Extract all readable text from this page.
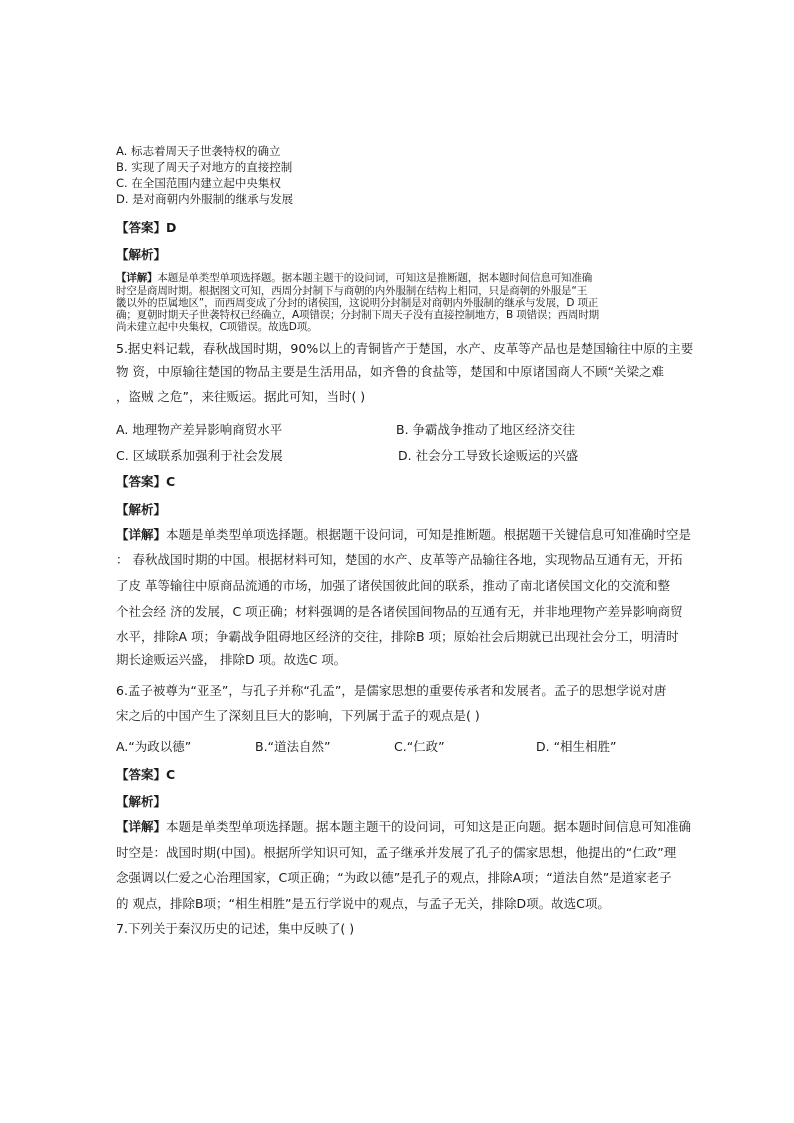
A. 标志着周天子世袭特权的确立
B. 实现了周天子对地方的直接控制
C. 在全国范围内建立起中央集权
D. 是对商朝内外服制的继承与发展
【答案】D
【解析】
【详解】本题是单类型单项选择题。据本题主题干的设问词，可知这是推断题，据本题时间信息可知准确
时空是商周时期。根据图文可知，西周分封制下与商朝的内外服制在结构上相同，只是商朝的外服是“王
畿以外的臣属地区”，而西周变成了分封的诸侯国，这说明分封制是对商朝内外服制的继承与发展，D 项正
确；夏朝时期天子世袭特权已经确立，A项错误；分封制下周天子没有直接控制地方，B 项错误；西周时期
尚未建立起中央集权，C项错误。故选D项。
5.据史料记载，春秋战国时期，90%以上的青铜皆产于楚国，水产、皮革等产品也是楚国输往中原的主要
物 资，中原输往楚国的物品主要是生活用品，如齐鲁的食盐等，楚国和中原诸国商人不顾“关梁之难
，盗贼 之危”，来往贩运。据此可知，当时( )
A. 地理物产差异影响商贸水平	B. 争霸战争推动了地区经济交往
C. 区域联系加强利于社会发展	D. 社会分工导致长途贩运的兴盛
【答案】C
【解析】
【详解】本题是单类型单项选择题。根据题干设问词，可知是推断题。根据题干关键信息可知准确时空是
： 春秋战国时期的中国。根据材料可知，楚国的水产、皮革等产品输往各地，实现物品互通有无，开拓
了皮 革等输往中原商品流通的市场，加强了诸侯国彼此间的联系，推动了南北诸侯国文化的交流和整
个社会经 济的发展，C 项正确；材料强调的是各诸侯国间物品的互通有无，并非地理物产差异影响商贸
水平，排除A 项；争霸战争阻碍地区经济的交往，排除B 项；原始社会后期就已出现社会分工，明清时
期长途贩运兴盛， 排除D 项。故选C 项。
6.孟子被尊为“亚圣”，与孔子并称“孔孟”，是儒家思想的重要传承者和发展者。孟子的思想学说对唐
宋之后的中国产生了深刻且巨大的影响，下列属于孟子的观点是( )
A.“为政以德”	B.“道法自然”	C.“仁政”	D. “相生相胜”
【答案】C
【解析】
【详解】本题是单类型单项选择题。据本题主题干的设问词，可知这是正向题。据本题时间信息可知准确
时空是：战国时期(中国)。根据所学知识可知，孟子继承并发展了孔子的儒家思想，他提出的“仁政”理
念强调以仁爱之心治理国家，C项正确；“为政以德”是孔子的观点，排除A项；“道法自然”是道家老子
的 观点，排除B项；“相生相胜”是五行学说中的观点，与孟子无关，排除D项。故选C项。
7.下列关于秦汉历史的记述，集中反映了( )
